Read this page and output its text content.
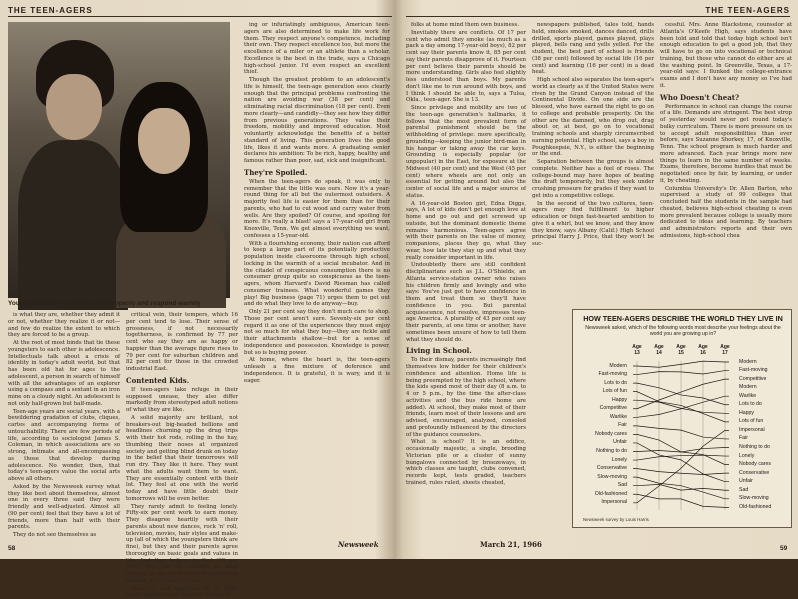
THE TEEN-AGERS
Young alliances: An ability to love openly and respond warmly

is what they are, whether they admit it or not, whether they realize it or not—and few do realize the extent to which they are forced to be a group.

At the root of most binds that tie these youngsters to each other is adolescence. Intellectuals talk about a crisis of identity in today's adult world, but that has been old hat for ages to the adolescent, a person in search of himself with all the advantages of an explorer using a compass and a sextant in an iron mine on a cloudy night. An adolescent is not only half-grown but half-made.

Teen-age years are social years, with a bewildering gradation of clubs, cliques, cartes and accompanying forms of untouchability. There are few periods of life, according to sociologist James S. Coleman, in which associations are so strong, intimate and all-encompassing as those that develop during adolescence. No wonder, then, that today's teen-agers value the social arts above all others.

Asked by the Newsweek survey what they like best about themselves, almost one in every three said they were friendly and well-adjusted. Almost all (90 per cent) feel that they have a lot of friends, more than half with their parents.

They do not see themselves as

critical vein, their tempers, which 16 per cent tend to lose. Their sense of grossness, if not necessarily togetherness, is confirmed by 77 per cent who say they are as happy or happier than the average figure rises to 79 per cent for suburban children and 82 per cent for those in the crowded industrial East.

Contented Kids.

If teen-agers take refuge in their supposed unease, they also differ markedly from stereotyped adult notions of what they are like.

A solid majority are brilliant, not breakers-out big-headed hellions and headlines churning up the drug trips with their hot rods, rolling in the hay, thumbing their noses at organized society and getting blind drunk on today in the belief that their tomorrows will run dry. They like it here. They want what the adults want them to want. They are essentially content with their lot. They feel at one with the world today and have little doubt their tomorrows will be even better.

They rarely admit to feeling lonely. Fifty-six per cent work to earn money. They disagree heartily with their parents about new dances, rock 'n' roll, television, movies, hair styles and make-up (all of which the youngsters think are fine), but they and their parents agree thoroughly on basic goals and values in life. And they believe in God (98 per cent). Too bad we couldn't go from nothing to so much without something helping, a 15-year-old says.

Likeable and guileless in a light, tough-tumbled way that can be charm-

ing or infuriatingly ambiguous, American teen-agers are also determined to make life work for them. They respect anyone's competence, including their own. They respect excellence too, but more the excellence of a miler or an athlete than a scholar. Excellence is the best in the trade, says a Chicago high-school junior. I'd even respect an excellent thief.

Though the greatest problem to an adolescent's life is himself, the teen-age generation sees clearly enough that the principal problems confronting the nation are avoiding war (38 per cent) and eliminating racial discrimination (18 per cent). Even more clearly—and candidly—they see how they differ from previous generations. They value their freedom, mobility and improved education. Most voluntarily acknowledge the benefits of a better standard of living. This generation lives the good life, likes it and wants more. A graduating senior declares his ambition: To be rich, happy, healthy and famous rather than poor, sad, sick and insignificant.

They're Spoiled.

When the teen-agers do speak, it was only to remember that the little was ours. Now it's a year-round thing for all but the outermost outsiders. A majority feel life is easier for them than for their parents, who had to cut wood and carry water from wells. Are they spoiled? Of course, and spoiling for more. It's really a blast! says a 17-year-old girl from Knoxville, Tenn. We get almost everything we want, confesses a 15-year-old.

With a flourishing economy, their nation can afford to keep a large part of its potentially productive population inside classrooms through high school, locking in the warmth of a social incubator. And in the citadel of conspicuous consumption there is no consumer group quite so conspicuous as the teen-agers, whom Harvard's David Riesman has called consumer trainees. What wonderful games they play! Big business (page 71) urges them to get out and do what they love to do anyway—buy.

Only 21 per cent say they don't much care to shop. Those per cent aren't sure. Seventy-six per cent regard it as one of the experiences they must enjoy not so much for what they buy—they are fickle and their attachments shallow—but for a sense of independence and possession. Knowledge is power, but so is buying power.

At home, where the heart is, the teen-agers unleash a fine mixture of deference and independence. It is grateful, it is wary, and it is eager.

58	Newsweek
THE TEEN-AGERS

folks at home mind them own business.

Inevitably there are conflicts. Of 17 per cent who admit they smoke (as much as a pack a day among 17-year-old boys), 82 per cent say their parents know it, 85 per cent say their parents disapprove of it. Fourteen per cent believe their parents should be more understanding. Girls also feel slightly less understood than boys. My parents don't like me to run around with boys, and I think I should be able to, says a Tulsa, Okla., teen-ager. She is 13.

Since privilege and mobility are two of the teen-age generation's hallmarks, it follows that the most prevalent form of parental punishment should be the withholding of privilege: more specifically, grounding—keeping the junior bird-man in his hangar or taking away the car keys. Grounding is especially popular (or unpopular) in the East, for exposure at the Midwest (40 per cent) and the West (45 per cent) where wheels are not only an essential for getting around but also the center of social life and a major source of status.

A 16-year-old Boston girl, Edna Diggs, says, A lot of kids don't get enough love at home and go out and get screwed up outside, but the dominant domestic theme remains harmonious. Teen-agers agree with their parents on the value of money, companions, places they go, what they wear, how late they stay up and what they really consider important in life.

Undoubtedly there are still confident disciplinarians such as J.L. O'Shields, an Atlanta service-station owner who raises his children firmly and lovingly and who says: You've just got to have confidence in them and treat them so they'll have confidence in you. But parental acquiescence, not resolve, impresses teen-age America. A plurality of 43 per cent say their parents, at one time or another, have sometimes been unsure of how to tell them what they should do.

Living in School.

To their dismay, parents increasingly find themselves low bidder for their children's confidence and attention. Home life is being preempted by the high school, where the kids spend most of their day (8 a.m. to 4 or 5 p.m., by the time the after-class activities and the bus ride home are added). At school, they make most of their friends, learn most of their lessons and are advised, encouraged, analyzed, consoled and profoundly influenced by the directors of the guidance counselors.

What is school? It is an edifice, occasionally majestic, a single, brooding Victorian pile or a cluster of sunny bungalows connected by breezeways, in which classes are taught, clubs convened, records kept, tests graded, teachers trained, rules ruled, sheets cheated,

newspapers published, tales told, hands held, smokes smoked, dances danced, drills drilled, sports played, games played, plays played, bells rang and yells yelled. For the student, the best part of school is friends (38 per cent) followed by social life (16 per cent) and learning (16 per cent) in a dead heat.

High school also separates the teen-ager's world as clearly as if the United States were riven by the Grand Canyon instead of the Continental Divide. On one side are the blessed, who have earned the right to go on to college and probable prosperity. On the other are the damned, who drop out, drag about or, at best, go on to vocational training schools and sharply circumscribed earning potential. High school, says a boy in Poughkeepsie, N.Y., is either the beginning or the end.

Separation between the groups is almost complete. Neither has a feel of roses. The college-bound may have hopes of beating the draft temporarily, but they seek under crushing pressure for grades if they want to get into a competitive college.

In the second of the two cultures, teen-agers may find fulfillment to higher education or feign fast-hearted ambition to give it a whirl, but we know, and they know they know, says Albany (Calif.) High School principal Harry J. Price, that they won't be suc-

cessful. Mrs. Anne Blackstone, counselor at Atlanta's O'Keefe High, says students have been told and told that today high school isn't enough education to get a good job, that they will have to go on into vocational or technical training, but those who cannot do either are at the washing point. In Greenville, Texas, a 17-year-old says: I flunked the college-entrance exams and I don't have any money so I've had it.

Who Doesn't Cheat?

Performance in school can change the course of a life. Demands are stringent. The best strop of yesterday would never get round today's bulky curriculum. There is more pressure on us to accept adult responsibilities than ever before, says Suzanne Shorkey, 17, of Knoxville, Tenn. The school program is much harder and more advanced. Each year brings more new things to learn in the same number of weeks. Exams, therefore, become hurdles that must be negotiated: once by fair, by learning, or under it, by cheating.

Columbia University's Dr. Allen Barton, who supervised a study of 99 colleges that concluded half the students in the sample had cheated, believes high-school cheating is even more prevalent because college is usually more dedicated to ideas and learning. By teachers and administrators reports and their own admissions, high-school chea

March 21, 1966	59
HOW TEEN-AGERS DESCRIBE THE WORLD THEY LIVE IN
Newsweek asked, which of the following words most describe your feelings about the world you are growing up in?
Newsweek survey by Louis Harris
Age
13
Age
14
Age
15
Age
16
Age
17
Modern
Fast-moving
Lots to do
Lots of fun
Happy
Competitive
Warlike
Fair
Nobody cares
Unfair
Nothing to do
Lonely
Conservative
Slow-moving
Sad
Old-fashioned
Impersonal
Modern
Fast-moving
Competitive
Modern
Warlike
Lots to do
Happy
Lots of fun
Impersonal
Fair
Nothing to do
Lonely
Nobody cares
Conservative
Unfair
Sad
Slow-moving
Old-fashioned
